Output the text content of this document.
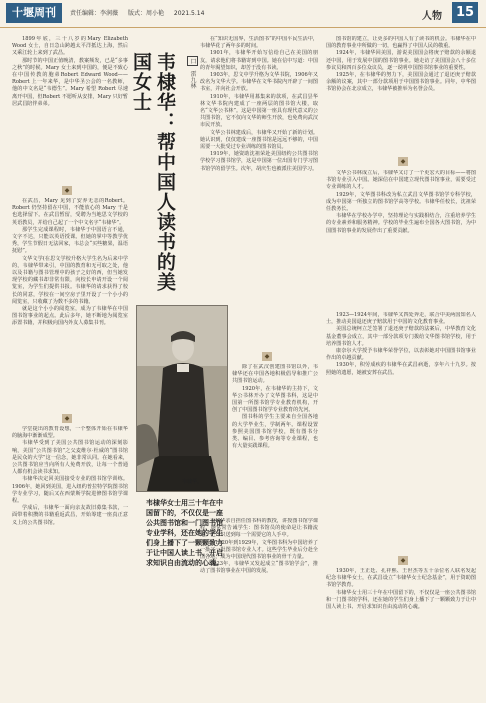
十堰周刊	责任编辑：李润薇 版式：周小艳 2021.5.14	人物	15

1899年底，三十八岁的Mary Elizabeth Wood 女士，自日急山跨越太平洋抵达上海，然后又乘江轮上来到了武昌。

那时节的中国正值晚清，教案频发，已是“多事之秋”的时候。Mary 女士来到中国的，便是不致心在中国传教的胞弟Robert Edward Wood——Robert 上一年来华，是中华圣公会的一名教师，他的中文名是“韦德生”。Mary 希望 Robert 尽速离开中国，但Robert 不愿听从安排，Mary 只好暂居武昌陪伴弟弟。

◆

在武昌，Mary 见到了安养无恙的Robert。Robert 仍坚持留在中国，不能放心的 Mary 干是也选择留下。在武昌暂留，受聘为当地思文学校的英语教员，并给自己起了一个中文名字“韦棣华”。

那学生完成课程时，韦棣华于中国语言不通，文字不达，只能以英语授课。但她的掌中等教学优秀，学生节假日无法回家，韦总会“买些糖果，温语抚慰”。

文华文学(在思文学校升格大学生名为后来中学的，韦棣华带来引，中国的教育和无可取之处，他以及书籍与图书管理中的孩子之好的西，但当她发现学校的藏书却非常有限，向校长申请开设一个阅览室，为学生们提供书报。韦棣华的请求获得了校长的同意，学校在一间空房子里开设了一个小小的阅览室，只收藏了为数不多的书籍。

就是这个小小的阅览室，成为了韦棣华在中国图书馆事业的起点。此后多年，她不断地为阅览室添置书籍，并积极向国内外友人募集书刊。

◆

学堂提出的教育设想，一个整体开始在韦棣华的脑海中渐渐成型。

韦棣华受到了美国公共图书馆运动的深刻影响，美国“公共图书馆”之父麦维尔·杜威的“图书馆是民众的大学”这一信念，她非常认同。在她看来，公共图书馆应当向所有人免费开放，让每一个普通人都有机会读书求知。

韦棣华决定回美国接受专业的图书馆学训练。1906年，她回到美国，进入纽约普拉特学院图书馆学专业学习，随后又在西蒙斯学院进修图书馆学课程。

学成后，韦棣华一面向亲友故旧募集书款，一面带着积攒的书籍重返武昌，开始筹建一座真正意义上的公共图书馆。

韦棣华：帮中国人读书的美国女士	口 雷九林
韦棣华。
韦棣华女士用三十年在中国留下的，不仅仅是一座公共图书馆和一门图书馆专业学科，还在她的学生们身上播下了一颗颗致力于让中国人读上书、开启求知识自由流动的心魂。

在“知识无国界，生活图书”的中国平民生活中，韦棣华花了两年多的时间。

1901年，韦棣华开始写信给自己在美国的朋友，请求他们将书籍寄到中国。她在信中写道：中国的青年渴望知识，却苦于没有书读。

1903年，思文中学升格为文华书院，1906年又改名为文华大学。韦棣华在文华书院内开辟了一间图书室，并向社会开放。

1910年，韦棣华用募集来的款项，在武昌昙华林文华书院内建成了一座两层的图书馆大楼，取名“文华公书林”。这是中国第一座具有现代意义的公共图书馆，它不仅向文华的师生开放，也免费向武汉市民开放。

文华公书林建成后，韦棣华又开始了新的计划。她认识到，仅仅建成一座图书馆是远远不够的，中国需要一大批受过专业训练的图书馆员。

1919年，她资助沈祖荣赴美国纽约公共图书馆学校学习图书馆学，这是中国第一位出国专门学习图书馆学的留学生。次年，胡庆生也被派往美国学习。

◆

除了在武汉创建图书馆以外，韦棣华还在中国各地积极倡导和推广公共图书馆运动。

1920年，在韦棣华的主持下，文华公书林开办了文华图书科，这是中国第一所图书馆学专业教育机构，开创了中国图书馆学专业教育的先河。

图书科的学生主要来自全国各地的大学毕业生，学制两年。课程设置参照美国图书馆学校，既有图书分类、编目、参考咨询等专业课程，也有大量实践课程。

韦棣华亲自担任图书科的教授，讲授图书馆学课程。她常常告诫学生：图书馆员的使命是让书籍流通，把知识送到每一个需要它的人手中。

从1920年到1929年，文华图书科为中国培养了一批又一批图书馆专业人才。这些学生毕业后分赴全国各地，成为中国现代图书馆事业的骨干力量。

1923年，韦棣华又发起成立“图书馆学会”，推动了图书馆事业在中国的发展。

图书馆的建立，让更多的中国人有了读书的机会。韦棣华在中国的教育事业中所做的一切，也赢得了中国人民的敬重。

1924年，韦棣华回美国，游说美国国会将庚子赔款的余额退还中国，用于发展中国的图书馆事业。她走访了美国国会八十多位参议员和四百多位众议员，逐一说明中国图书馆事业的重要性。

1925年，在韦棣华的努力下，美国国会通过了退还庚子赔款余额的议案，其中一部分款项用于中国图书馆事业。同年，中华图书馆协会在北京成立，韦棣华被推举为名誉会员。

◆

文华公书林成立后，韦棣华又订了一个更宏大的目标——将图书馆专业引入中国。她深信在中国建立现代图书馆事业，需要受过专业训练的人才。

1929年，文华图书科改为私立武昌文华图书馆学专科学校，成为中国第一所独立的图书馆学高等学校。韦棣华任校长，沈祖荣任教务长。

韦棣华在学校办学中，坚持理论与实践相结合，注重培养学生的专业素养和服务精神。学校的毕业生遍布全国各大图书馆，为中国图书馆事业的发展作出了重要贡献。

1923—1924年间，韦棣华又四处奔走，联合中美两国知名人士，推动美国退还庚子赔款用于中国的文化教育事业。

美国总统柯立芝签署了退还庚子赔款的法案后，中华教育文化基金董事会成立，其中一部分款项专门拨给文华图书馆学校，用于培养图书馆人才。

康奈尔大学授予韦棣华荣誉学位，以表彰她对中国图书馆事业作出的卓越贡献。

1930年，积劳成疾的韦棣华在武昌病逝，享年六十九岁。按照她的遗愿，她被安葬在武昌。

◆

1930年，王正廷、孔祥熙、王世杰等五十余位名人联名发起纪念韦棣华女士，在武昌设立“韦棣华女士纪念基金”，用于资助图书馆学教育。

韦棣华女士用三十年在中国留下的，不仅仅是一座公共图书馆和一门图书馆学科，还在她的学生们身上播下了一颗颗致力于让中国人读上书、开启求知识自由流动的心魂。
